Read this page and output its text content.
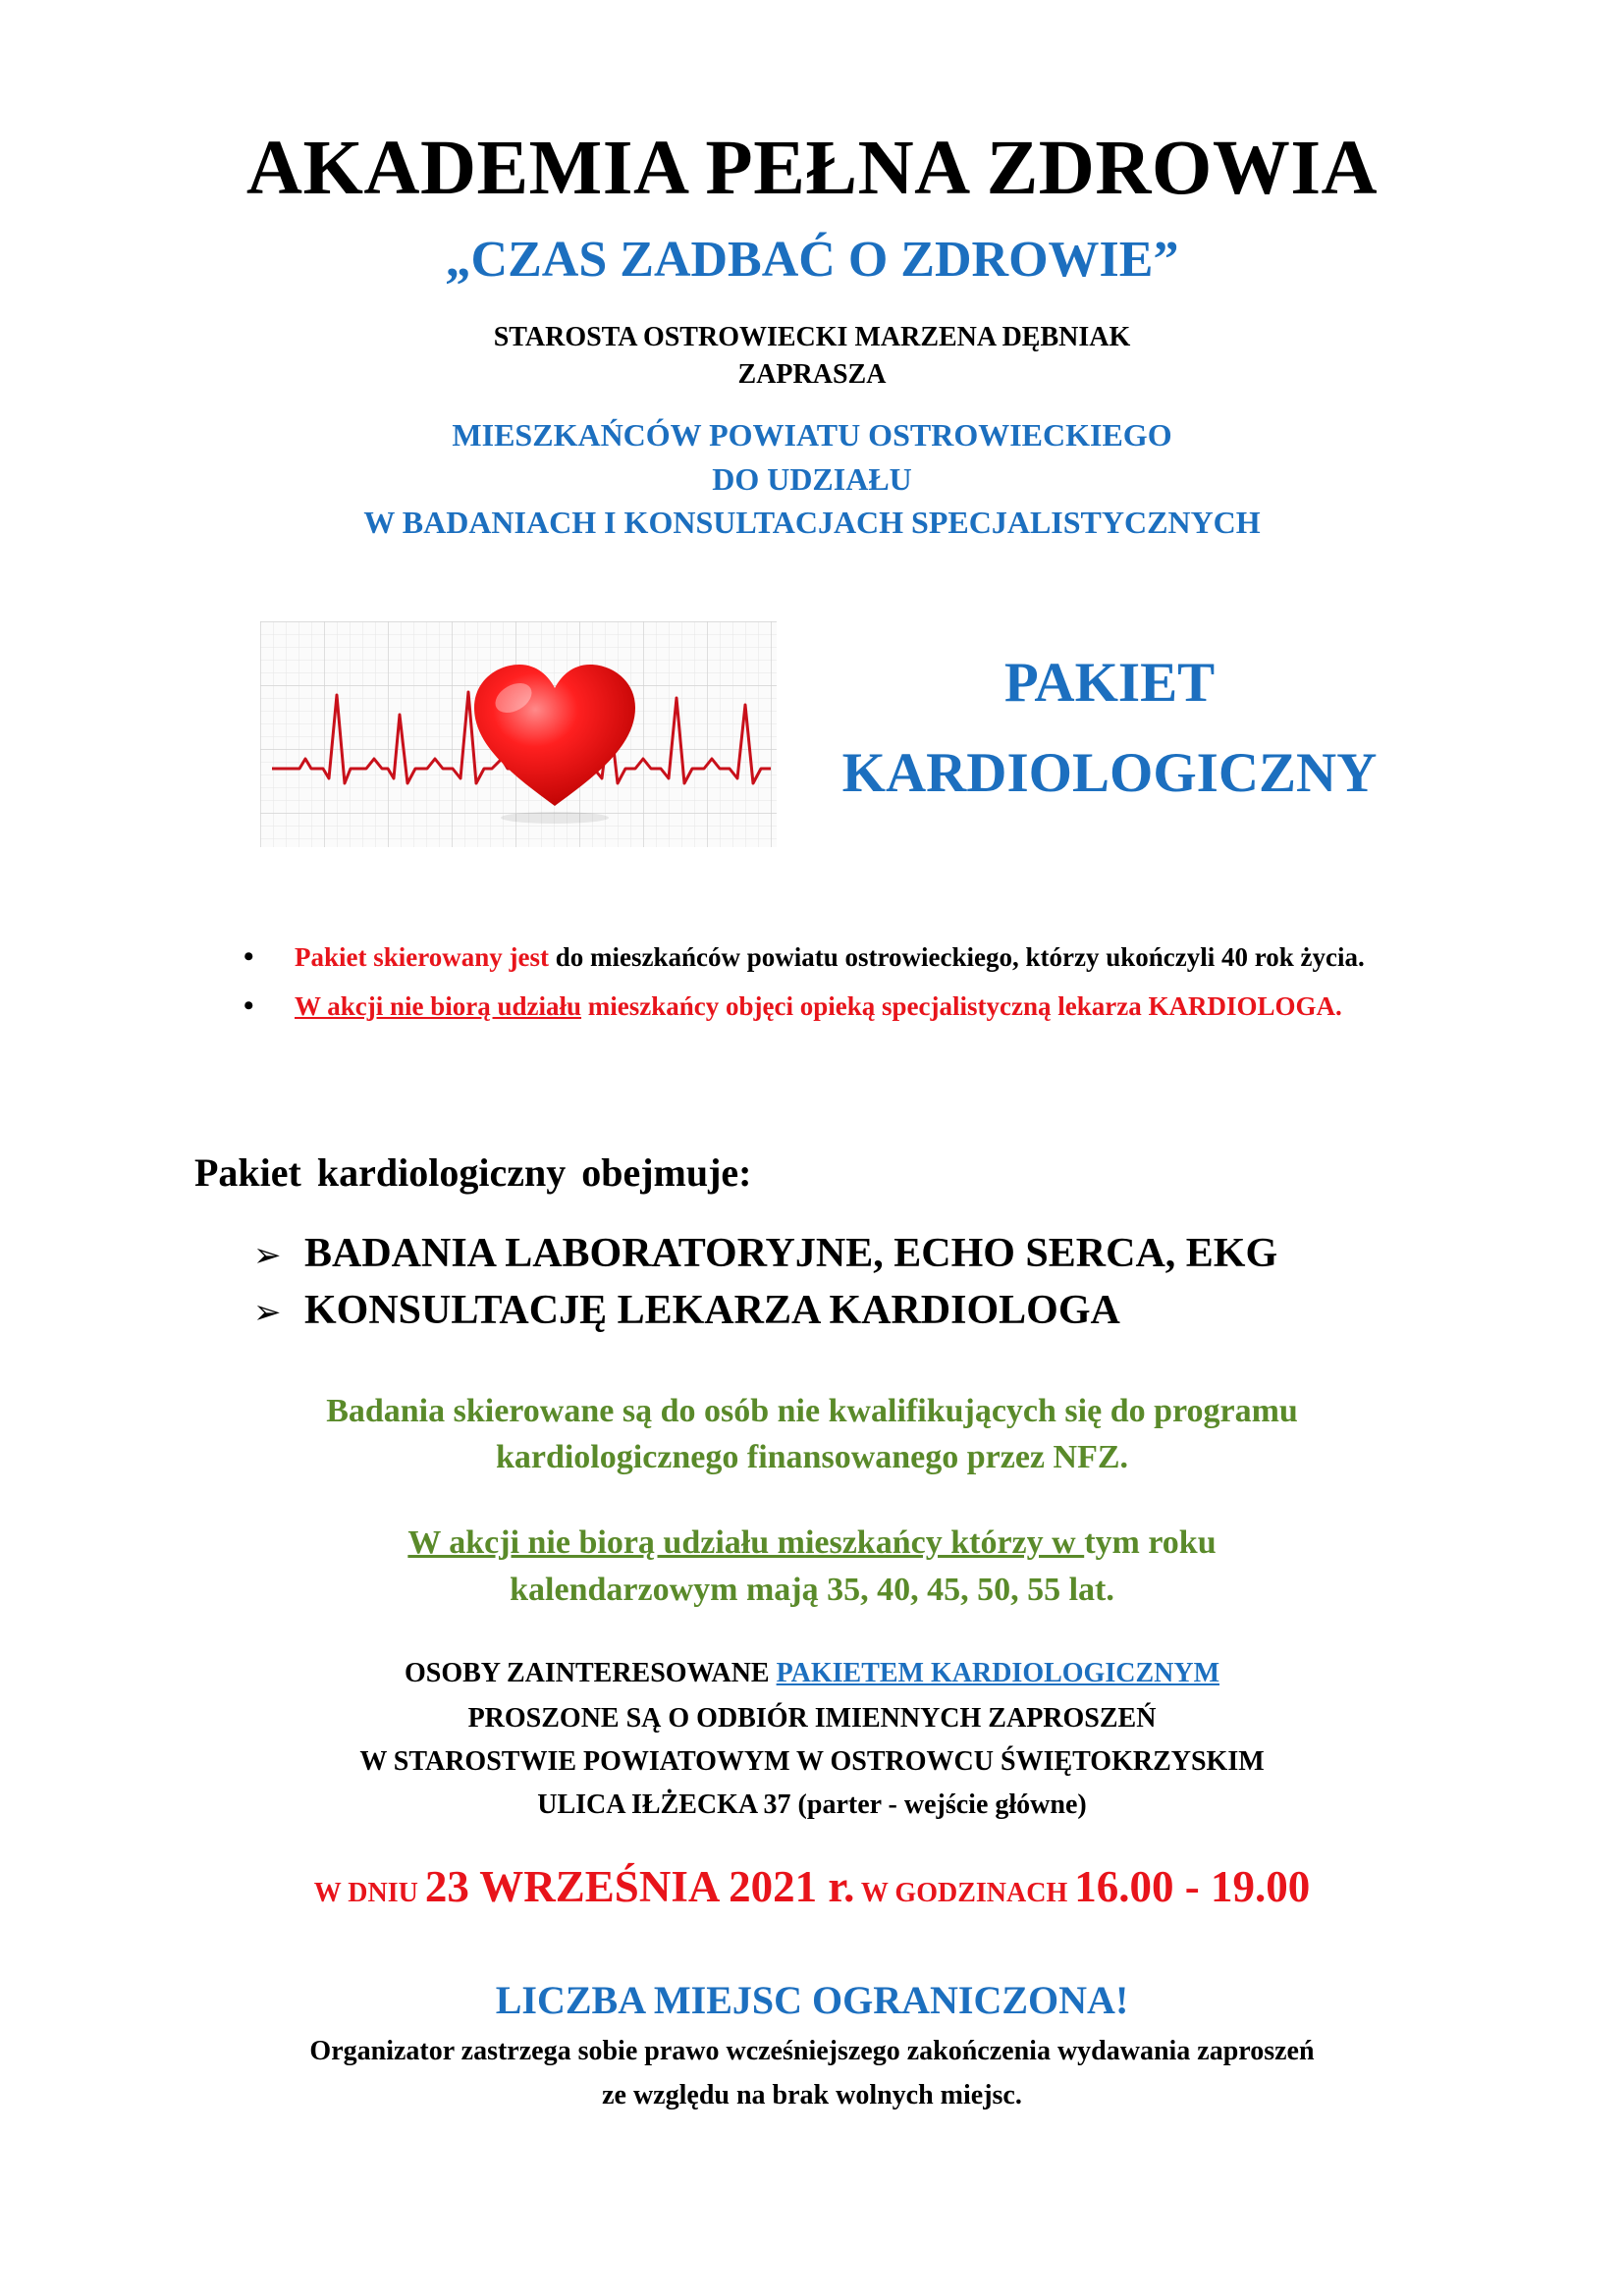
AKADEMIA PEŁNA ZDROWIA
„CZAS ZADBAĆ O ZDROWIE”
STAROSTA OSTROWIECKI MARZENA DĘBNIAK
ZAPRASZA
MIESZKAŃCÓW POWIATU OSTROWIECKIEGO
DO UDZIAŁU
W BADANIACH I KONSULTACJACH SPECJALISTYCZNYCH
PAKIET
KARDIOLOGICZNY
• Pakiet skierowany jest do mieszkańców powiatu ostrowieckiego, którzy ukończyli 40 rok życia.
• W akcji nie biorą udziału mieszkańcy objęci opieką specjalistyczną lekarza KARDIOLOGA.
Pakiet kardiologiczny obejmuje:
➢ BADANIA LABORATORYJNE, ECHO SERCA, EKG
➢ KONSULTACJĘ LEKARZA KARDIOLOGA
Badania skierowane są do osób nie kwalifikujących się do programu
kardiologicznego finansowanego przez NFZ.
W akcji nie biorą udziału mieszkańcy którzy w tym roku
kalendarzowym mają 35, 40, 45, 50, 55 lat.
OSOBY ZAINTERESOWANE PAKIETEM KARDIOLOGICZNYM
PROSZONE SĄ O ODBIÓR IMIENNYCH ZAPROSZEŃ
W STAROSTWIE POWIATOWYM W OSTROWCU ŚWIĘTOKRZYSKIM
ULICA IŁŻECKA 37 (parter - wejście główne)
W DNIU 23 WRZEŚNIA 2021 r. W GODZINACH 16.00 - 19.00
LICZBA MIEJSC OGRANICZONA!
Organizator zastrzega sobie prawo wcześniejszego zakończenia wydawania zaproszeń
ze względu na brak wolnych miejsc.
